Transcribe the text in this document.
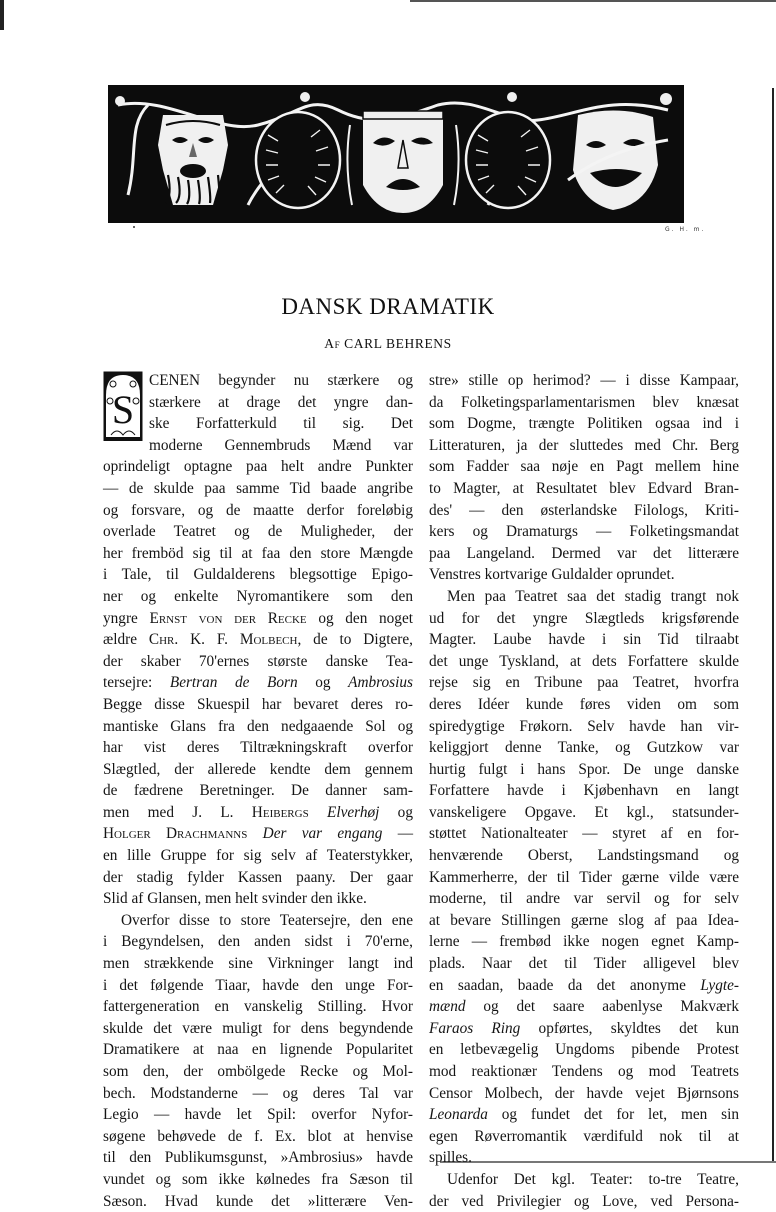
G. H. m.
DANSK DRAMATIK
Af CARL BEHRENS
S
CENEN begynder nu stærkere og
stærkere at drage det yngre dan-
ske Forfatterkuld til sig. Det
moderne Gennembruds Mænd var
oprindeligt optagne paa helt andre Punkter
— de skulde paa samme Tid baade angribe
og forsvare, og de maatte derfor foreløbig
overlade Teatret og de Muligheder, der
her fremböd sig til at faa den store Mængde
i Tale, til Guldalderens blegsottige Epigo-
ner og enkelte Nyromantikere som den
yngre Ernst von der Recke og den noget
ældre Chr. K. F. Molbech, de to Digtere,
der skaber 70'ernes største danske Tea-
tersejre: Bertran de Born og Ambrosius
Begge disse Skuespil har bevaret deres ro-
mantiske Glans fra den nedgaaende Sol og
har vist deres Tiltrækningskraft overfor
Slægtled, der allerede kendte dem gennem
de fædrene Beretninger. De danner sam-
men med J. L. Heibergs Elverhøj og
Holger Drachmanns Der var engang —
en lille Gruppe for sig selv af Teaterstykker,
der stadig fylder Kassen paany. Der gaar
Slid af Glansen, men helt svinder den ikke.
Overfor disse to store Teatersejre, den ene
i Begyndelsen, den anden sidst i 70'erne,
men strækkende sine Virkninger langt ind
i det følgende Tiaar, havde den unge For-
fattergeneration en vanskelig Stilling. Hvor
skulde det være muligt for dens begyndende
Dramatikere at naa en lignende Popularitet
som den, der ombölgede Recke og Mol-
bech. Modstanderne — og deres Tal var
Legio — havde let Spil: overfor Nyfor-
søgene behøvede de f. Ex. blot at henvise
til den Publikumsgunst, »Ambrosius» havde
vundet og som ikke kølnedes fra Sæson til
Sæson. Hvad kunde det »litterære Ven-
stre» stille op herimod? — i disse Kampaar,
da Folketingsparlamentarismen blev knæsat
som Dogme, trængte Politiken ogsaa ind i
Litteraturen, ja der sluttedes med Chr. Berg
som Fadder saa nøje en Pagt mellem hine
to Magter, at Resultatet blev Edvard Bran-
des' — den østerlandske Filologs, Kriti-
kers og Dramaturgs — Folketingsmandat
paa Langeland. Dermed var det litterære
Venstres kortvarige Guldalder oprundet.
Men paa Teatret saa det stadig trangt nok
ud for det yngre Slægtleds krigsførende
Magter. Laube havde i sin Tid tilraabt
det unge Tyskland, at dets Forfattere skulde
rejse sig en Tribune paa Teatret, hvorfra
deres Idéer kunde føres viden om som
spiredygtige Frøkorn. Selv havde han vir-
keliggjort denne Tanke, og Gutzkow var
hurtig fulgt i hans Spor. De unge danske
Forfattere havde i Kjøbenhavn en langt
vanskeligere Opgave. Et kgl., statsunder-
støttet Nationalteater — styret af en for-
henværende Oberst, Landstingsmand og
Kammerherre, der til Tider gærne vilde være
moderne, til andre var servil og for selv
at bevare Stillingen gærne slog af paa Idea-
lerne — frembød ikke nogen egnet Kamp-
plads. Naar det til Tider alligevel blev
en saadan, baade da det anonyme Lygte-
mænd og det saare aabenlyse Makværk
Faraos Ring opførtes, skyldtes det kun
en letbevægelig Ungdoms pibende Protest
mod reaktionær Tendens og mod Teatrets
Censor Molbech, der havde vejet Bjørnsons
Leonarda og fundet det for let, men sin
egen Røverromantik værdifuld nok til at
spilles.
Udenfor Det kgl. Teater: to-tre Teatre,
der ved Privilegier og Love, ved Persona-
